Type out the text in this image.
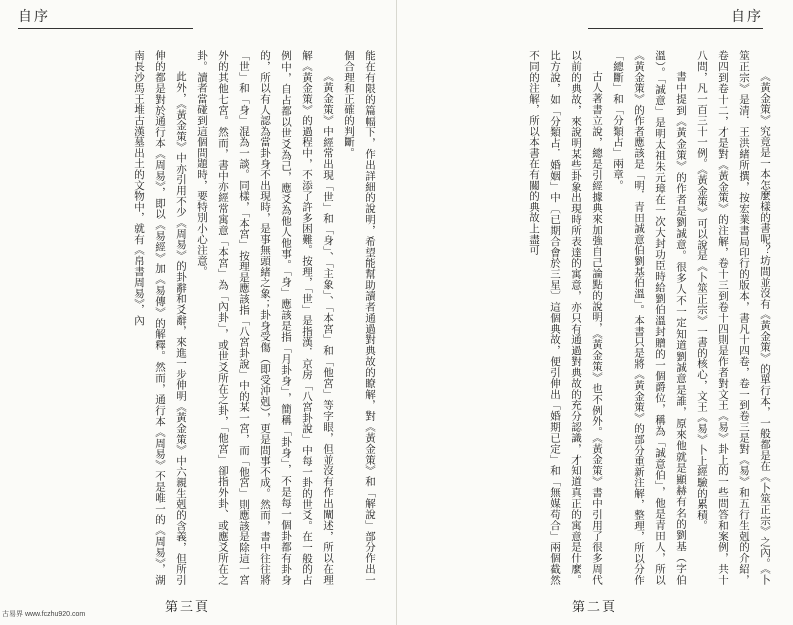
自序

能在有限的篇幅下，作出詳細的說明，希望能幫助讀者通過對典故的瞭解，對《黃金策》和「解說」部分作出一個合理和正確的判斷。

《黃金策》中經常出現「世」和「身」、「主象」、「本宮」和「他宮」等字眼，但並沒有作出闡述，所以在理解《黃金策》的過程中，不添了許多困難。按理，「世」是指漢．京房「八宮卦說」中每一卦的世爻。在一般的占例中，自占都以世爻為己，應爻為他人他事。「身」應該是指「月卦身」，簡稱「卦身」，不是每一個卦都有卦身的，所以有人認為當卦身不出現時，是事無頭緒之象；卦身受傷（即受沖剋），更是問事不成。然而，書中往往將「世」和「身」混為一談。同樣，「本宮」按理是應該指「八宮卦說」中的某一宮，而「他宮」則應該是除這一宮外的其他七宮。然而，書中亦經常寓意「本宮」為「內卦」，或世爻所在之卦，「他宮」卻指外卦、或應爻所在之卦。讀者當碰到這個問題時，要特別小心注意。

此外，《黃金策》中亦引用不少《周易》的卦辭和爻辭，來進一步伸明《黃金策》中六親生剋的含義，但所引伸的都是對於通行本《周易》，即以《易經》加《易傳》的解釋。然而，通行本《周易》不是唯一的《周易》，湖南長沙馬王堆古漢墓出土的文物中，就有《帛書周易》，內

第三頁
古易界 www.fczhu920.com
自序

《黃金策》究竟是一本怎麼樣的書呢？坊間並沒有《黃金策》的單行本，一般都是在《卜筮正宗》之內。《卜筮正宗》是清．王洪緒所撰，按宏業書局印行的版本，書凡十四卷，卷一到卷三是對《易》和五行生剋的介紹，卷四到卷十二，才是對《黃金策》的注解，卷十三到卷十四則是作者對文王《易》卦上的一些問答和案例，共十八問，凡一百三十一例。《黃金策》可以說是《卜筮正宗》一書的核心，文王《易》卜上經驗的累積。

書中提到《黃金策》的作者是劉誠意。很多人不一定知道劉誠意是誰，原來他就是顯赫有名的劉基（字伯溫）。「誠意」是明太祖朱元璋在一次大封功臣時給劉伯溫封贈的一個爵位，稱為「誠意伯」，他是青田人，所以《黃金策》的作者應該是「明．青田誠意伯劉基伯溫」。本書只是將《黃金策》的部分重新注解，整理，所以分作「總斷」和「分類占」兩章。

古人著書立說，總是引經據典來加強自己論點的說明，《黃金策》也不例外。《黃金策》書中引用了很多周代以前的典故，來說明某些卦象出現時所表達的寓意，亦只有通過對典故的充分認識，才知道真正的寓意是什麼。比方說，如「分類占．婚姻」中〔已期合會於三星〕這個典故，便引伸出「婚期已定」和「無媒苟合」兩個截然不同的注解，所以本書在有關的典故上盡可

第二頁
